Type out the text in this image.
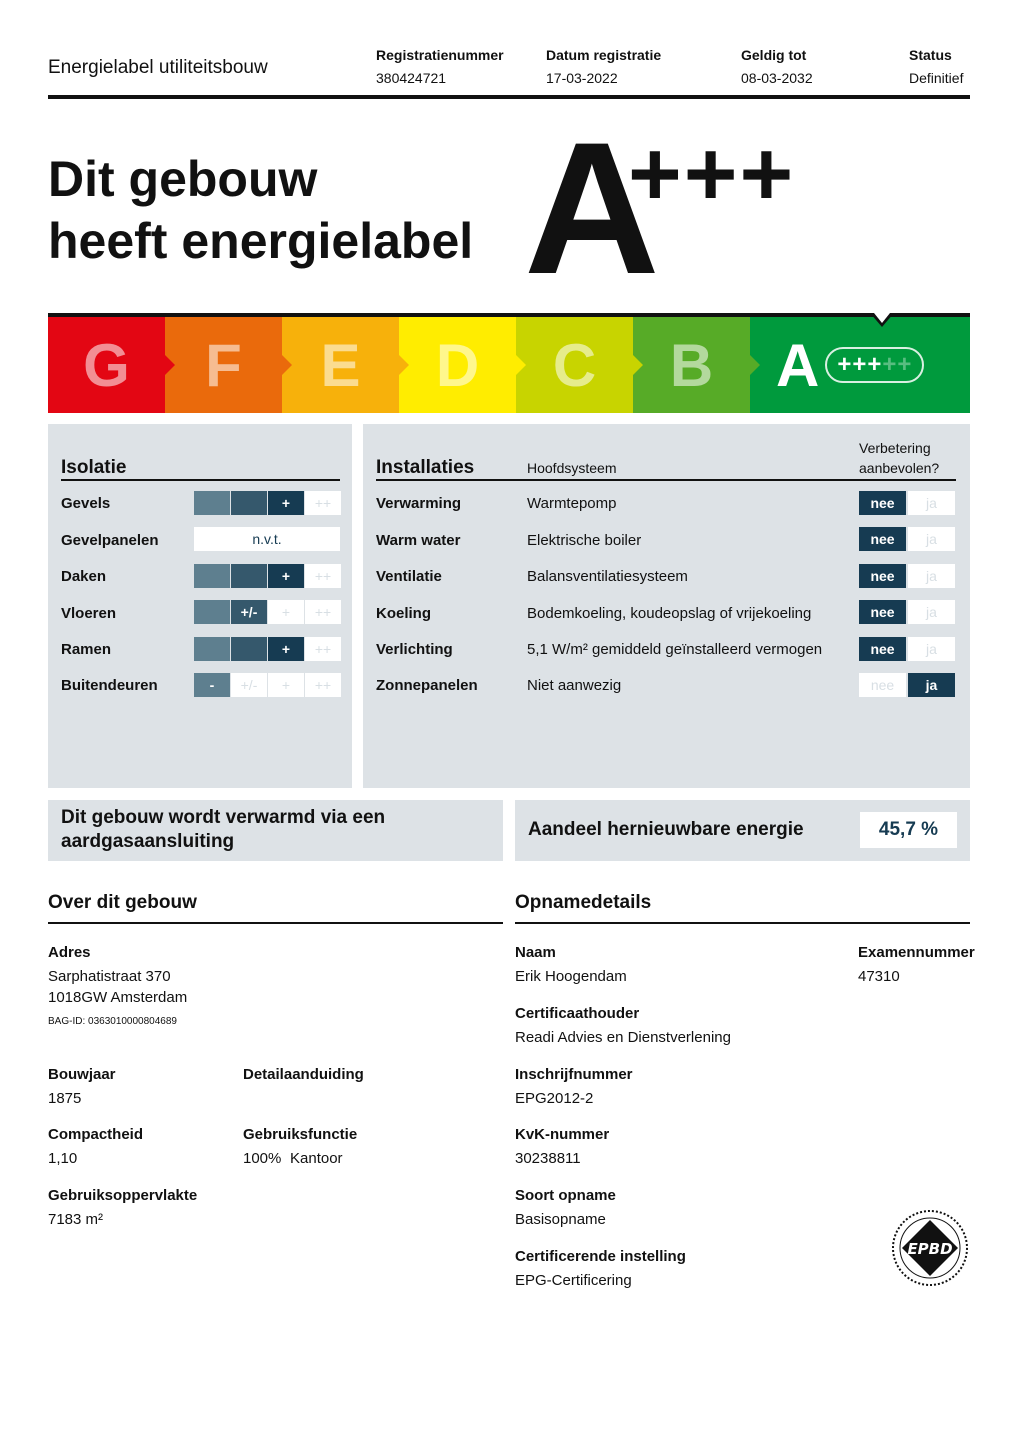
Energielabel utiliteitsbouw
Registratienummer
380424721
Datum registratie
17-03-2022
Geldig tot
08-03-2032
Status
Definitief
Dit gebouw
heeft energielabel A
+++
G F E D C B A +++ ++
Isolatie
Gevels	+	++
Gevelpanelen	n.v.t.
Daken	+	++
Vloeren	+/-	+	++
Ramen	+	++
Buitendeuren	-	+/-	+	++
Installaties	Hoofdsysteem
Verbetering
aanbevolen?
Verwarming	Warmtepomp	nee	ja
Warm water	Elektrische boiler	nee	ja
Ventilatie	Balansventilatiesysteem	nee	ja
Koeling	Bodemkoeling, koudeopslag of vrijekoeling	nee	ja
Verlichting	5,1 W/m² gemiddeld geïnstalleerd vermogen	nee	ja
Zonnepanelen	Niet aanwezig	nee	ja
Dit gebouw wordt verwarmd via een
aardgasaansluiting
Aandeel hernieuwbare energie	45,7 %
Over dit gebouw
Adres
Sarphatistraat 370
1018GW Amsterdam
BAG-ID: 0363010000804689
Bouwjaar
1875
Detailaanduiding
Compactheid
1,10
Gebruiksfunctie
100% Kantoor
Gebruiksoppervlakte
7183 m²
Opnamedetails
Naam
Erik Hoogendam
Examennummer
47310
Certificaathouder
Readi Advies en Dienstverlening
Inschrijfnummer
EPG2012-2
KvK-nummer
30238811
Soort opname
Basisopname
Certificerende instelling
EPG-Certificering
EPBD
